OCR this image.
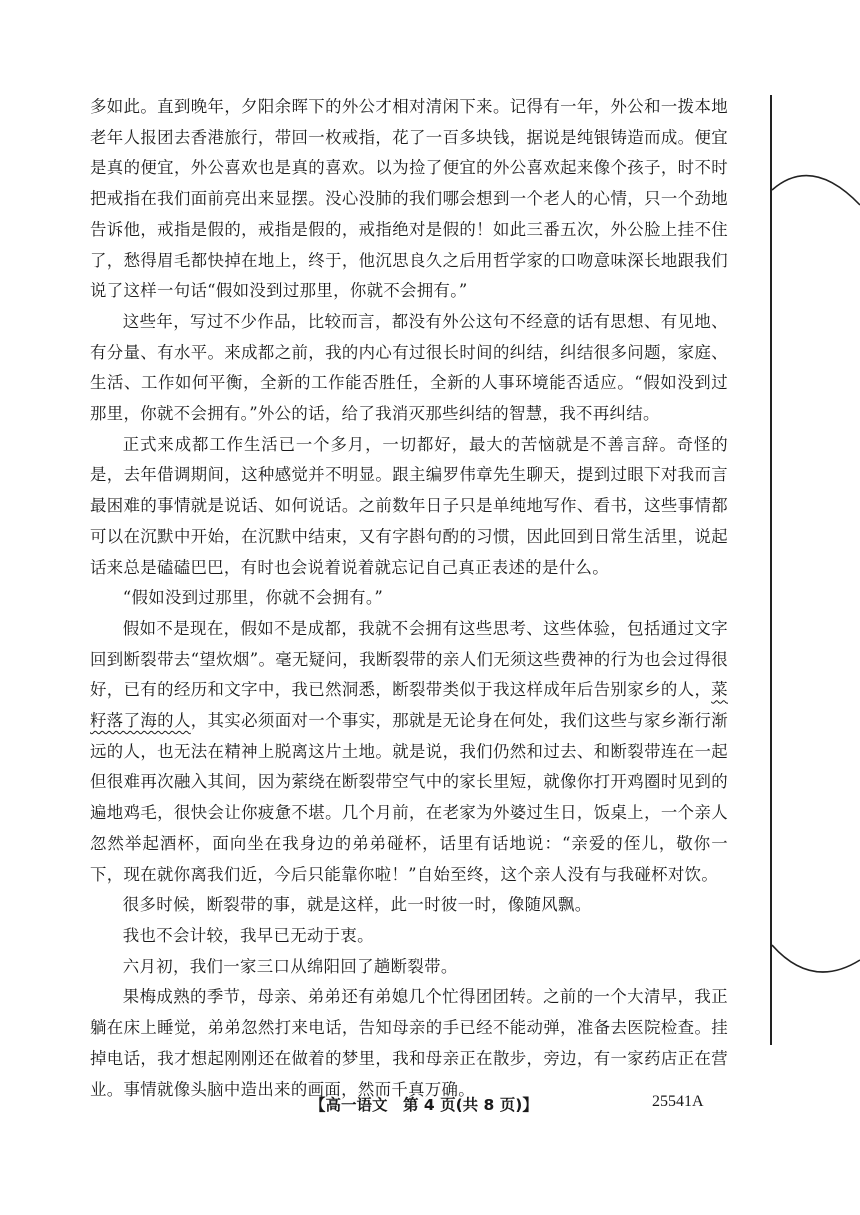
多如此。直到晚年，夕阳余晖下的外公才相对清闲下来。记得有一年，外公和一拨本地老年人报团去香港旅行，带回一枚戒指，花了一百多块钱，据说是纯银铸造而成。便宜是真的便宜，外公喜欢也是真的喜欢。以为捡了便宜的外公喜欢起来像个孩子，时不时把戒指在我们面前亮出来显摆。没心没肺的我们哪会想到一个老人的心情，只一个劲地告诉他，戒指是假的，戒指是假的，戒指绝对是假的！如此三番五次，外公脸上挂不住了，愁得眉毛都快掉在地上，终于，他沉思良久之后用哲学家的口吻意味深长地跟我们说了这样一句话“假如没到过那里，你就不会拥有。”

这些年，写过不少作品，比较而言，都没有外公这句不经意的话有思想、有见地、有分量、有水平。来成都之前，我的内心有过很长时间的纠结，纠结很多问题，家庭、生活、工作如何平衡，全新的工作能否胜任，全新的人事环境能否适应。“假如没到过那里，你就不会拥有。”外公的话，给了我消灭那些纠结的智慧，我不再纠结。

正式来成都工作生活已一个多月，一切都好，最大的苦恼就是不善言辞。奇怪的是，去年借调期间，这种感觉并不明显。跟主编罗伟章先生聊天，提到过眼下对我而言最困难的事情就是说话、如何说话。之前数年日子只是单纯地写作、看书，这些事情都可以在沉默中开始，在沉默中结束，又有字斟句酌的习惯，因此回到日常生活里，说起话来总是磕磕巴巴，有时也会说着说着就忘记自己真正表述的是什么。

“假如没到过那里，你就不会拥有。”

假如不是现在，假如不是成都，我就不会拥有这些思考、这些体验，包括通过文字回到断裂带去“望炊烟”。毫无疑问，我断裂带的亲人们无须这些费神的行为也会过得很好，已有的经历和文字中，我已然洞悉，断裂带类似于我这样成年后告别家乡的人，菜籽落了海的人，其实必须面对一个事实，那就是无论身在何处，我们这些与家乡渐行渐远的人，也无法在精神上脱离这片土地。就是说，我们仍然和过去、和断裂带连在一起但很难再次融入其间，因为萦绕在断裂带空气中的家长里短，就像你打开鸡圈时见到的遍地鸡毛，很快会让你疲惫不堪。几个月前，在老家为外婆过生日，饭桌上，一个亲人忽然举起酒杯，面向坐在我身边的弟弟碰杯，话里有话地说：“亲爱的侄儿，敬你一下，现在就你离我们近，今后只能靠你啦！”自始至终，这个亲人没有与我碰杯对饮。

很多时候，断裂带的事，就是这样，此一时彼一时，像随风飘。

我也不会计较，我早已无动于衷。

六月初，我们一家三口从绵阳回了趟断裂带。

果梅成熟的季节，母亲、弟弟还有弟媳几个忙得团团转。之前的一个大清早，我正躺在床上睡觉，弟弟忽然打来电话，告知母亲的手已经不能动弹，准备去医院检查。挂掉电话，我才想起刚刚还在做着的梦里，我和母亲正在散步，旁边，有一家药店正在营业。事情就像头脑中造出来的画面，然而千真万确。

【高一语文　第 4 页(共 8 页)】	25541A
